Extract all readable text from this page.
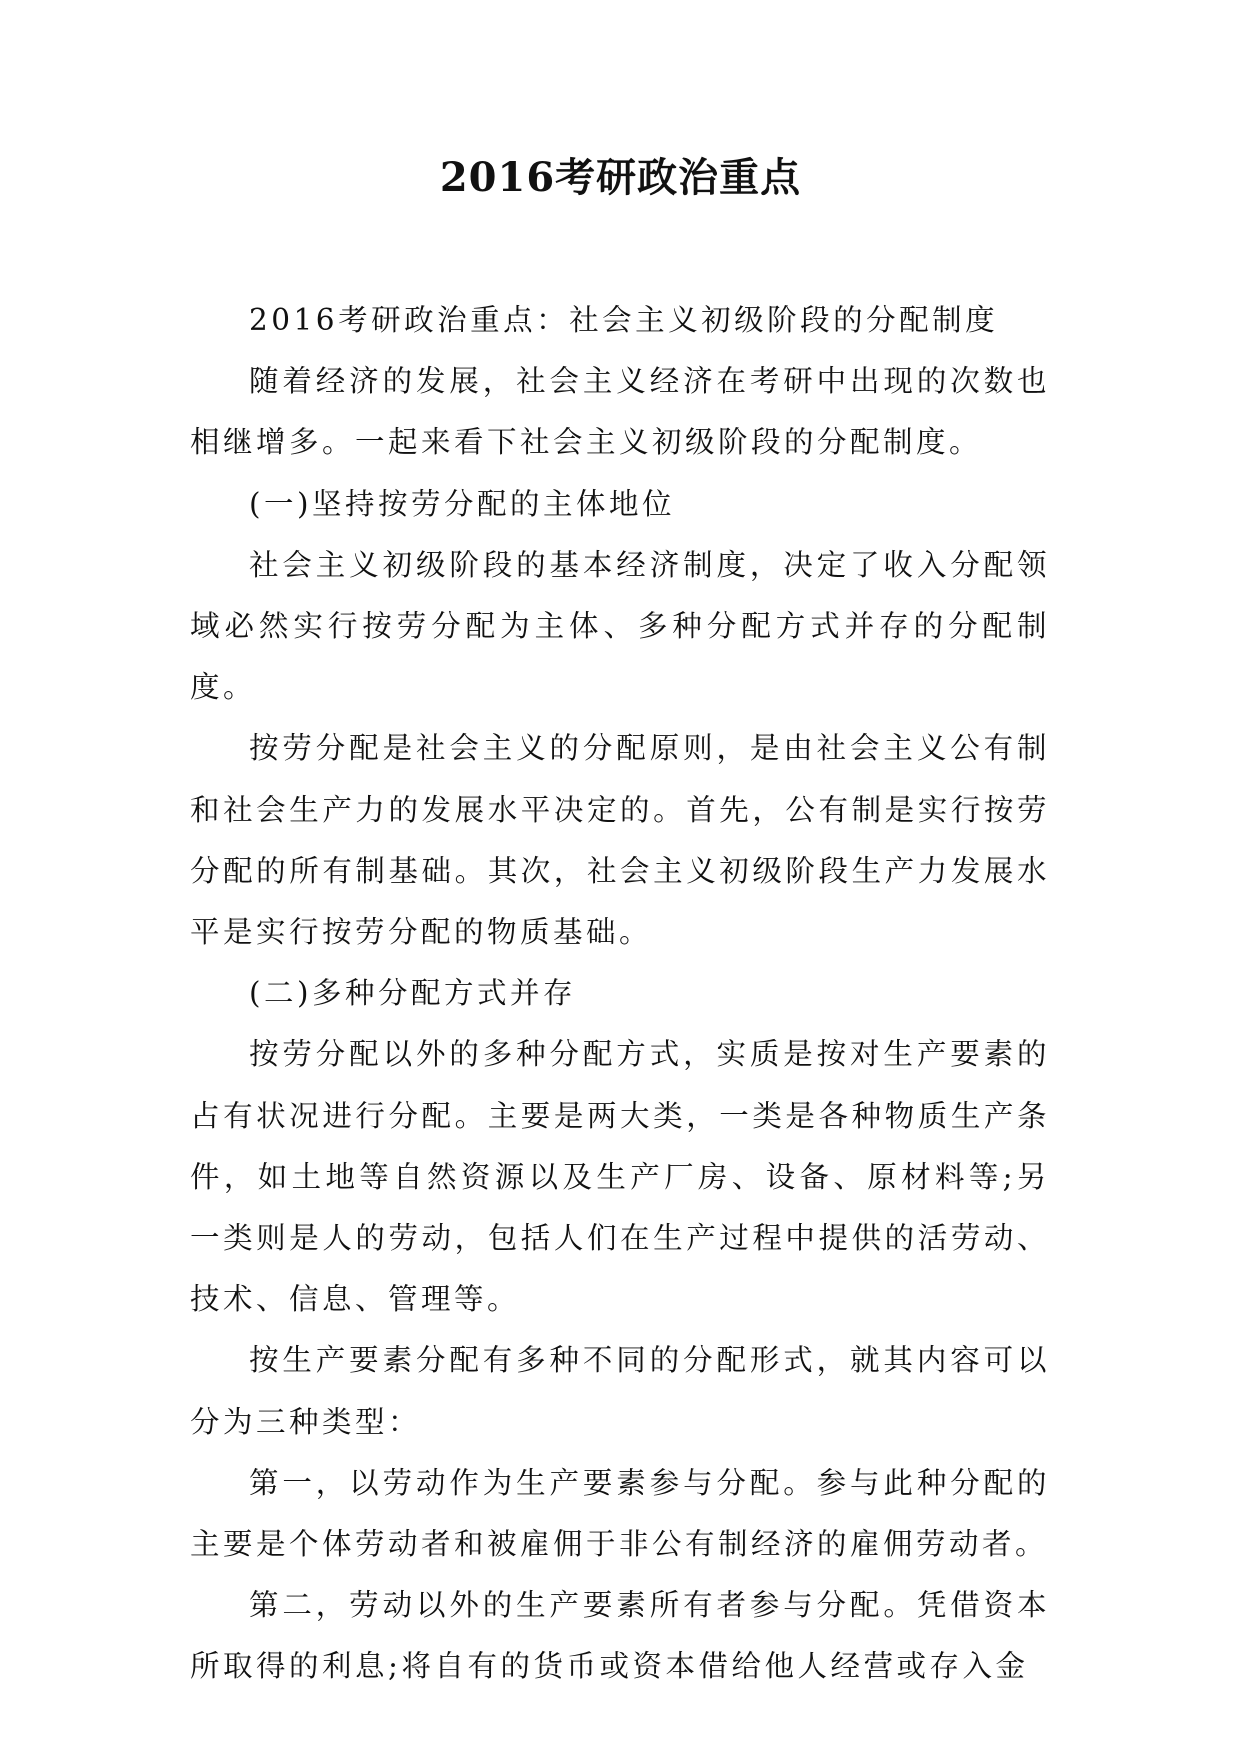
2016考研政治重点

2016考研政治重点：社会主义初级阶段的分配制度

随着经济的发展，社会主义经济在考研中出现的次数也相继增多。一起来看下社会主义初级阶段的分配制度。

(一)坚持按劳分配的主体地位

社会主义初级阶段的基本经济制度，决定了收入分配领域必然实行按劳分配为主体、多种分配方式并存的分配制度。

按劳分配是社会主义的分配原则，是由社会主义公有制和社会生产力的发展水平决定的。首先，公有制是实行按劳分配的所有制基础。其次，社会主义初级阶段生产力发展水平是实行按劳分配的物质基础。

(二)多种分配方式并存

按劳分配以外的多种分配方式，实质是按对生产要素的占有状况进行分配。主要是两大类，一类是各种物质生产条件，如土地等自然资源以及生产厂房、设备、原材料等;另一类则是人的劳动，包括人们在生产过程中提供的活劳动、技术、信息、管理等。

按生产要素分配有多种不同的分配形式，就其内容可以分为三种类型：

第一，以劳动作为生产要素参与分配。参与此种分配的主要是个体劳动者和被雇佣于非公有制经济的雇佣劳动者。

第二，劳动以外的生产要素所有者参与分配。凭借资本所取得的利息;将自有的货币或资本借给他人经营或存入金
